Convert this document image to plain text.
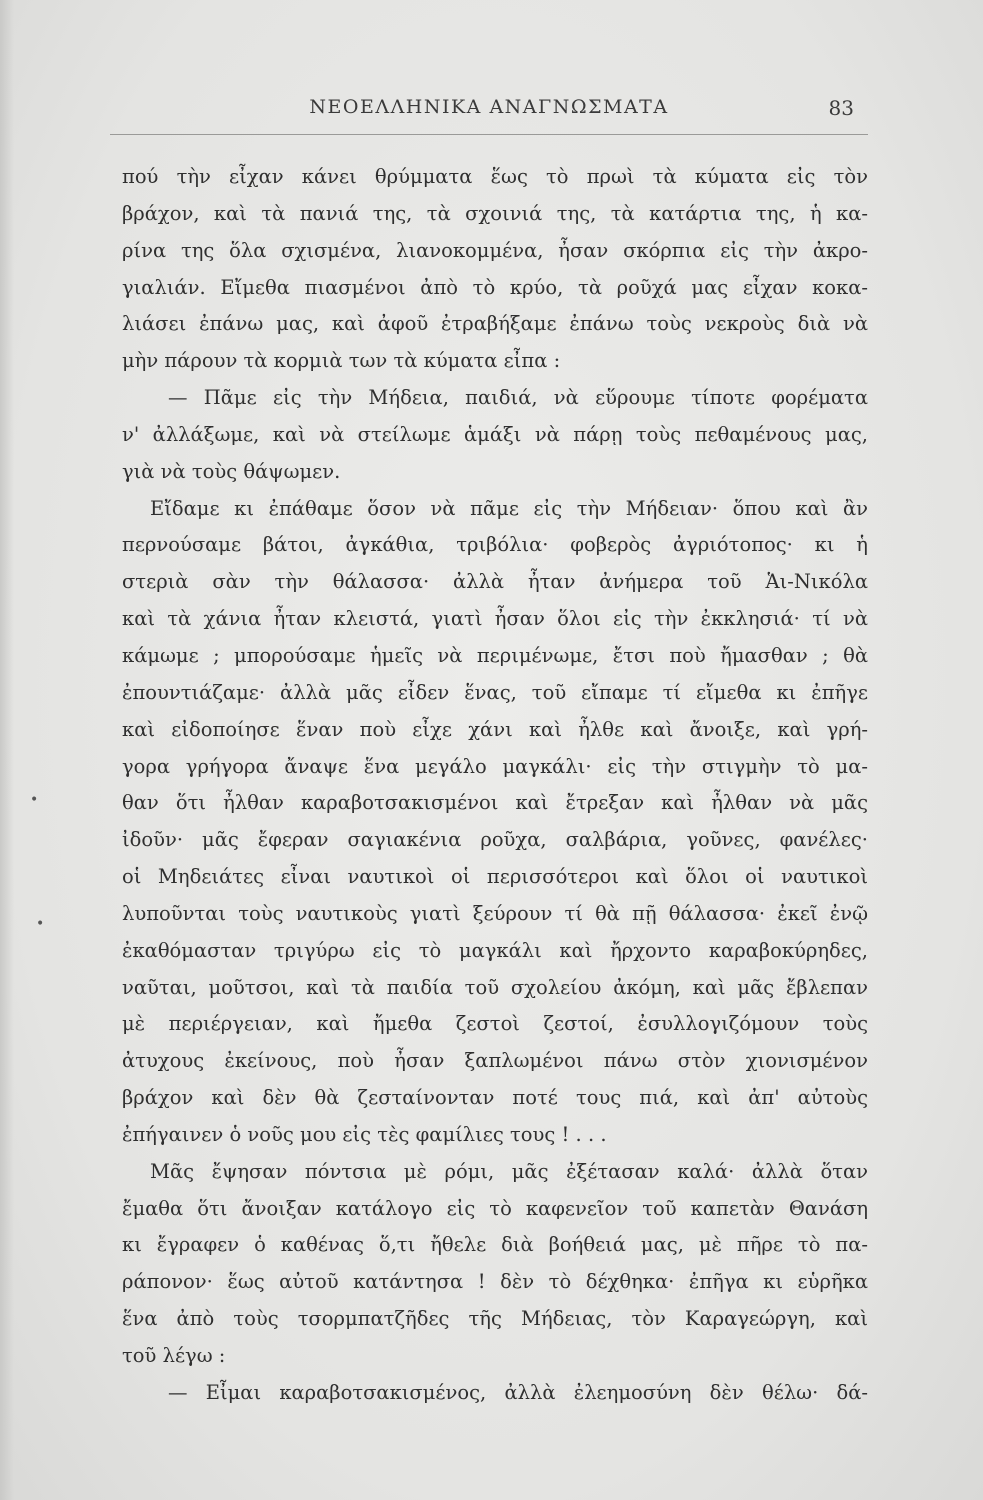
ΝΕΟΕΛΛΗΝΙΚΑ ΑΝΑΓΝΩΣΜΑΤΑ	83
πού τὴν εἶχαν κάνει θρύμματα ἕως τὸ πρωὶ τὰ κύματα εἰς τὸν
βράχον, καὶ τὰ πανιά της, τὰ σχοινιά της, τὰ κατάρτια της, ἡ κα-
ρίνα της ὅλα σχισμένα, λιανοκομμένα, ἦσαν σκόρπια εἰς τὴν ἀκρο-
γιαλιάν. Εἴμεθα πιασμένοι ἀπὸ τὸ κρύο, τὰ ροῦχά μας εἶχαν κοκα-
λιάσει ἐπάνω μας, καὶ ἀφοῦ ἐτραβήξαμε ἐπάνω τοὺς νεκροὺς διὰ νὰ
μὴν πάρουν τὰ κορμιὰ των τὰ κύματα εἶπα :
— Πᾶμε εἰς τὴν Μήδεια, παιδιά, νὰ εὕρουμε τίποτε φορέματα
ν' ἀλλάξωμε, καὶ νὰ στείλωμε ἁμάξι νὰ πάρῃ τοὺς πεθαμένους μας,
γιὰ νὰ τοὺς θάψωμεν.
Εἴδαμε κι ἐπάθαμε ὅσον νὰ πᾶμε εἰς τὴν Μήδειαν· ὅπου καὶ ἂν
περνούσαμε βάτοι, ἀγκάθια, τριβόλια· φοβερὸς ἀγριότοπος· κι ἡ
στεριὰ σὰν τὴν θάλασσα· ἀλλὰ ἦταν ἀνήμερα τοῦ Ἁι-Νικόλα
καὶ τὰ χάνια ἦταν κλειστά, γιατὶ ἦσαν ὅλοι εἰς τὴν ἐκκλησιά· τί νὰ
κάμωμε ; μπορούσαμε ἡμεῖς νὰ περιμένωμε, ἔτσι ποὺ ἤμασθαν ; θὰ
ἐπουντιάζαμε· ἀλλὰ μᾶς εἶδεν ἕνας, τοῦ εἴπαμε τί εἴμεθα κι ἐπῆγε
καὶ εἰδοποίησε ἕναν ποὺ εἶχε χάνι καὶ ἦλθε καὶ ἄνοιξε, καὶ γρή-
γορα γρήγορα ἄναψε ἕνα μεγάλο μαγκάλι· εἰς τὴν στιγμὴν τὸ μα-
θαν ὅτι ἦλθαν καραβοτσακισμένοι καὶ ἔτρεξαν καὶ ἦλθαν νὰ μᾶς
ἰδοῦν· μᾶς ἔφεραν σαγιακένια ροῦχα, σαλβάρια, γοῦνες, φανέλες·
οἱ Μηδειάτες εἶναι ναυτικοὶ οἱ περισσότεροι καὶ ὅλοι οἱ ναυτικοὶ
λυποῦνται τοὺς ναυτικοὺς γιατὶ ξεύρουν τί θὰ πῇ θάλασσα· ἐκεῖ ἐνῷ
ἐκαθόμασταν τριγύρω εἰς τὸ μαγκάλι καὶ ἤρχοντο καραβοκύρηδες,
ναῦται, μοῦτσοι, καὶ τὰ παιδία τοῦ σχολείου ἀκόμη, καὶ μᾶς ἔβλεπαν
μὲ περιέργειαν, καὶ ἤμεθα ζεστοὶ ζεστοί, ἐσυλλογιζόμουν τοὺς
ἀτυχους ἐκείνους, ποὺ ἦσαν ξαπλωμένοι πάνω στὸν χιονισμένον
βράχον καὶ δὲν θὰ ζεσταίνονταν ποτέ τους πιά, καὶ ἀπ' αὐτοὺς
ἐπήγαινεν ὁ νοῦς μου εἰς τὲς φαμίλιες τους ! . . .
Μᾶς ἔψησαν πόντσια μὲ ρόμι, μᾶς ἐξέτασαν καλά· ἀλλὰ ὅταν
ἔμαθα ὅτι ἄνοιξαν κατάλογο εἰς τὸ καφενεῖον τοῦ καπετὰν Θανάση
κι ἔγραφεν ὁ καθένας ὅ,τι ἤθελε διὰ βοήθειά μας, μὲ πῆρε τὸ πα-
ράπονον· ἕως αὐτοῦ κατάντησα ! δὲν τὸ δέχθηκα· ἐπῆγα κι εὑρῆκα
ἕνα ἀπὸ τοὺς τσορμπατζῆδες τῆς Μήδειας, τὸν Καραγεώργη, καὶ
τοῦ λέγω :
— Εἶμαι καραβοτσακισμένος, ἀλλὰ ἐλεημοσύνη δὲν θέλω· δά-
•
•
